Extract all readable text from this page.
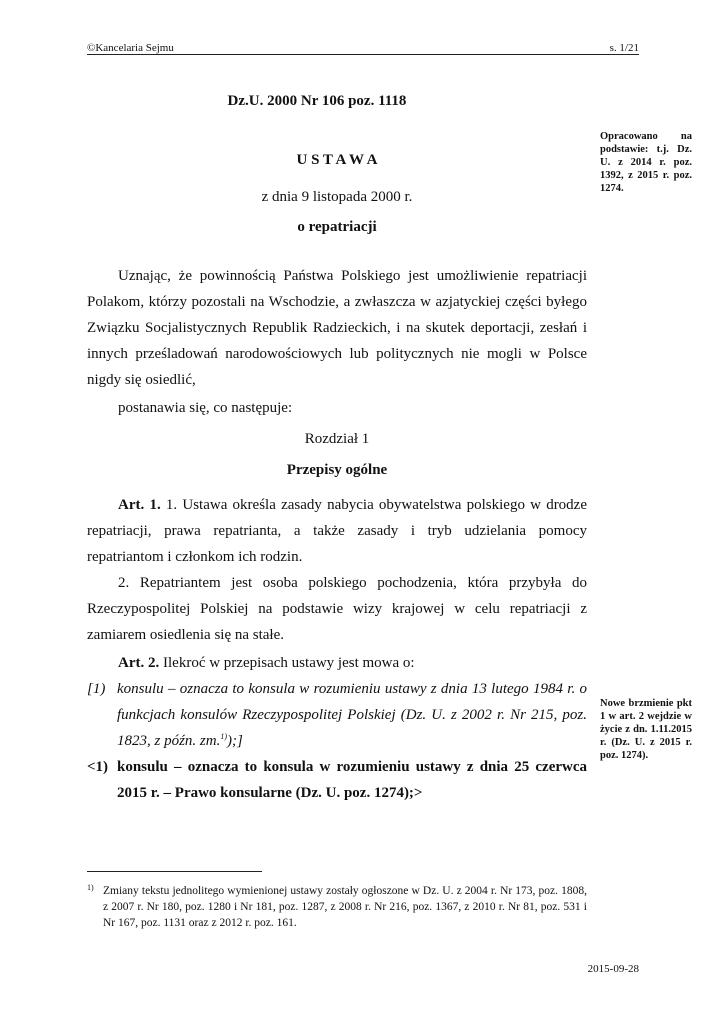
©Kancelaria Sejmu	s. 1/21
Dz.U. 2000 Nr 106 poz. 1118
U S T A W A
z dnia 9 listopada 2000 r.
o repatriacji
Opracowano na podstawie: t.j. Dz. U. z 2014 r. poz. 1392, z 2015 r. poz. 1274.
Uznając, że powinnością Państwa Polskiego jest umożliwienie repatriacji Polakom, którzy pozostali na Wschodzie, a zwłaszcza w azjatyckiej części byłego Związku Socjalistycznych Republik Radzieckich, i na skutek deportacji, zesłań i innych prześladowań narodowościowych lub politycznych nie mogli w Polsce nigdy się osiedlić,
postanawia się, co następuje:
Rozdział 1
Przepisy ogólne
Art. 1. 1. Ustawa określa zasady nabycia obywatelstwa polskiego w drodze repatriacji, prawa repatrianta, a także zasady i tryb udzielania pomocy repatriantom i członkom ich rodzin.
2. Repatriantem jest osoba polskiego pochodzenia, która przybyła do Rzeczypospolitej Polskiej na podstawie wizy krajowej w celu repatriacji z zamiarem osiedlenia się na stałe.
Art. 2. Ilekroć w przepisach ustawy jest mowa o:
[1) konsulu – oznacza to konsula w rozumieniu ustawy z dnia 13 lutego 1984 r. o funkcjach konsulów Rzeczypospolitej Polskiej (Dz. U. z 2002 r. Nr 215, poz. 1823, z późn. zm.$^{1)}$);]
<1) konsulu – oznacza to konsula w rozumieniu ustawy z dnia 25 czerwca 2015 r. – Prawo konsularne (Dz. U. poz. 1274);>
Nowe brzmienie pkt 1 w art. 2 wejdzie w życie z dn. 1.11.2015 r. (Dz. U. z 2015 r. poz. 1274).
1) Zmiany tekstu jednolitego wymienionej ustawy zostały ogłoszone w Dz. U. z 2004 r. Nr 173, poz. 1808, z 2007 r. Nr 180, poz. 1280 i Nr 181, poz. 1287, z 2008 r. Nr 216, poz. 1367, z 2010 r. Nr 81, poz. 531 i Nr 167, poz. 1131 oraz z 2012 r. poz. 161.
2015-09-28
